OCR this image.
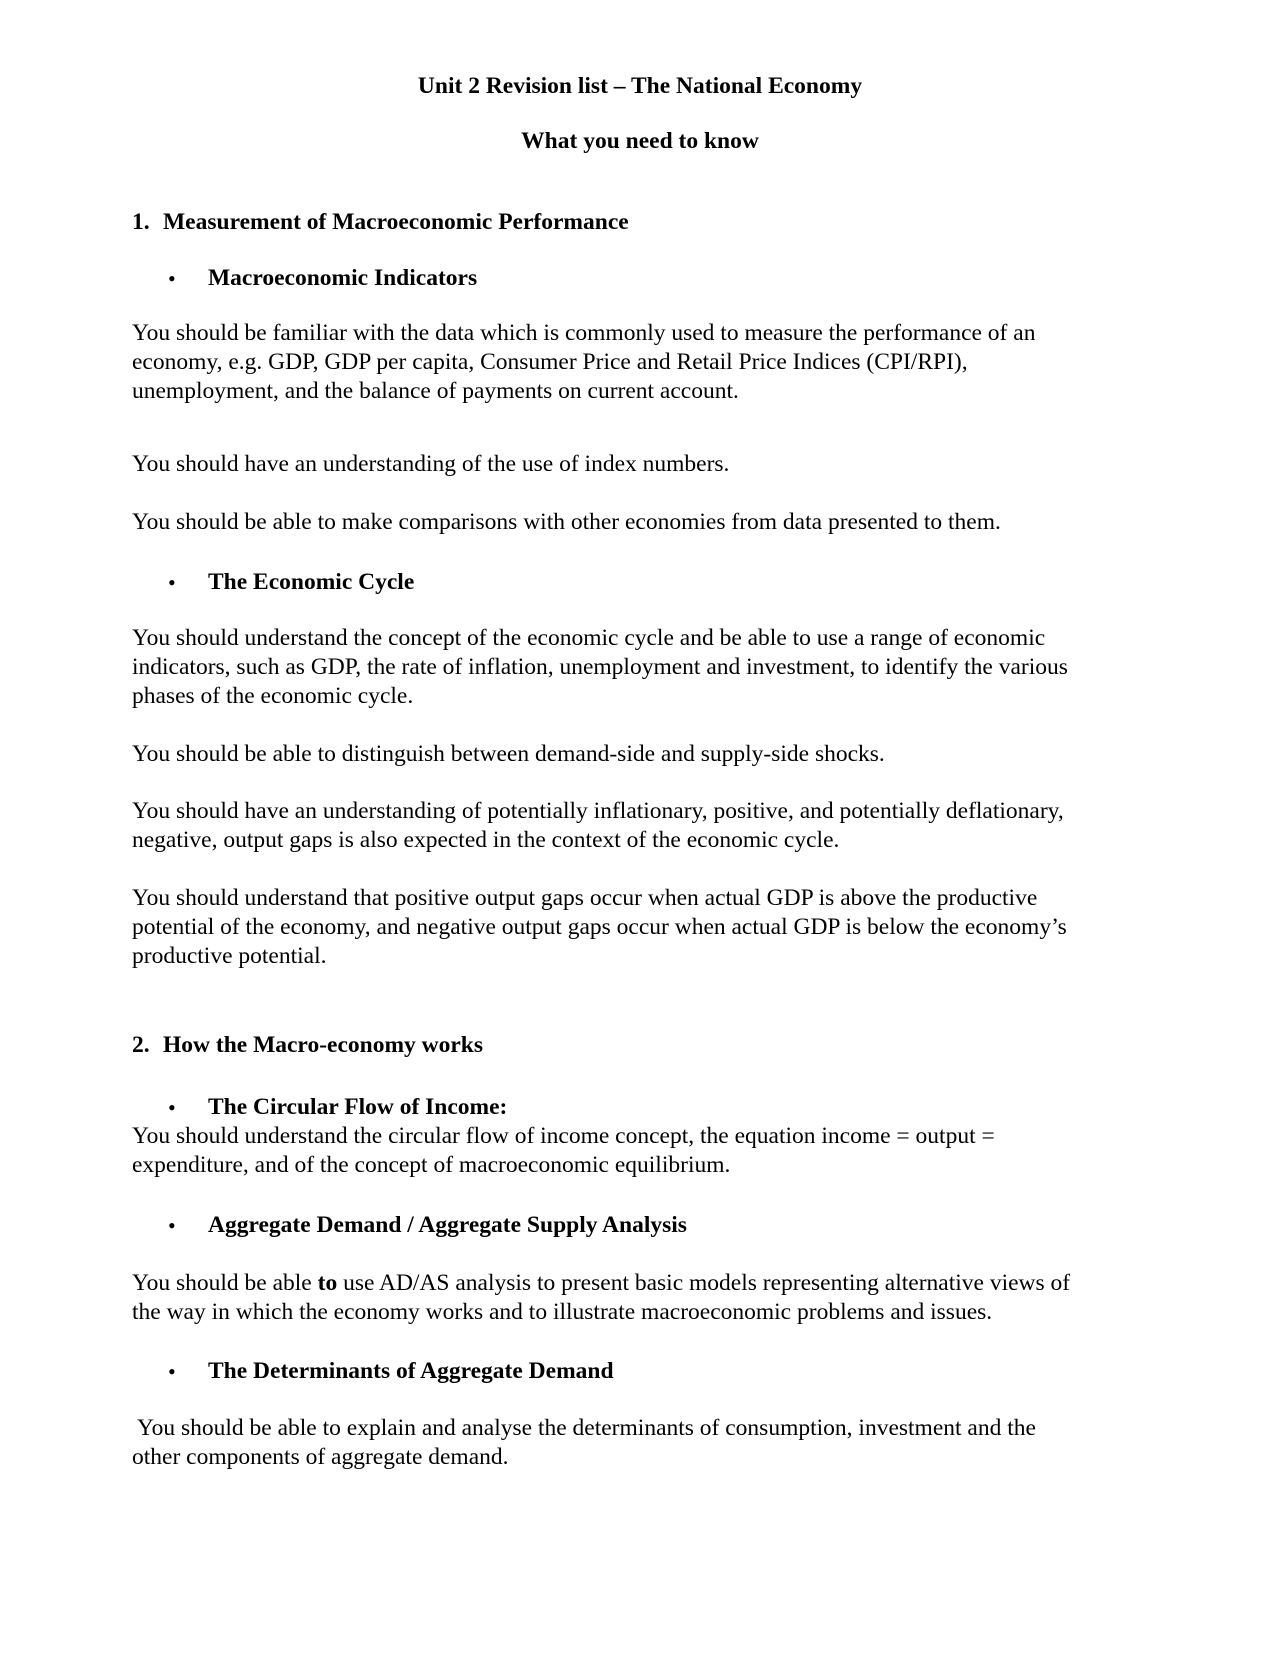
Unit 2 Revision list – The National Economy
What you need to know
1. Measurement of Macroeconomic Performance
• Macroeconomic Indicators
You should be familiar with the data which is commonly used to measure the performance of an
economy, e.g. GDP, GDP per capita, Consumer Price and Retail Price Indices (CPI/RPI),
unemployment, and the balance of payments on current account.
You should have an understanding of the use of index numbers.
You should be able to make comparisons with other economies from data presented to them.
• The Economic Cycle
You should understand the concept of the economic cycle and be able to use a range of economic
indicators, such as GDP, the rate of inflation, unemployment and investment, to identify the various
phases of the economic cycle.
You should be able to distinguish between demand-side and supply-side shocks.
You should have an understanding of potentially inflationary, positive, and potentially deflationary,
negative, output gaps is also expected in the context of the economic cycle.
You should understand that positive output gaps occur when actual GDP is above the productive
potential of the economy, and negative output gaps occur when actual GDP is below the economy’s
productive potential.
2. How the Macro-economy works
• The Circular Flow of Income:
You should understand the circular flow of income concept, the equation income = output =
expenditure, and of the concept of macroeconomic equilibrium.
• Aggregate Demand / Aggregate Supply Analysis
You should be able to use AD/AS analysis to present basic models representing alternative views of
the way in which the economy works and to illustrate macroeconomic problems and issues.
• The Determinants of Aggregate Demand
You should be able to explain and analyse the determinants of consumption, investment and the
other components of aggregate demand.
